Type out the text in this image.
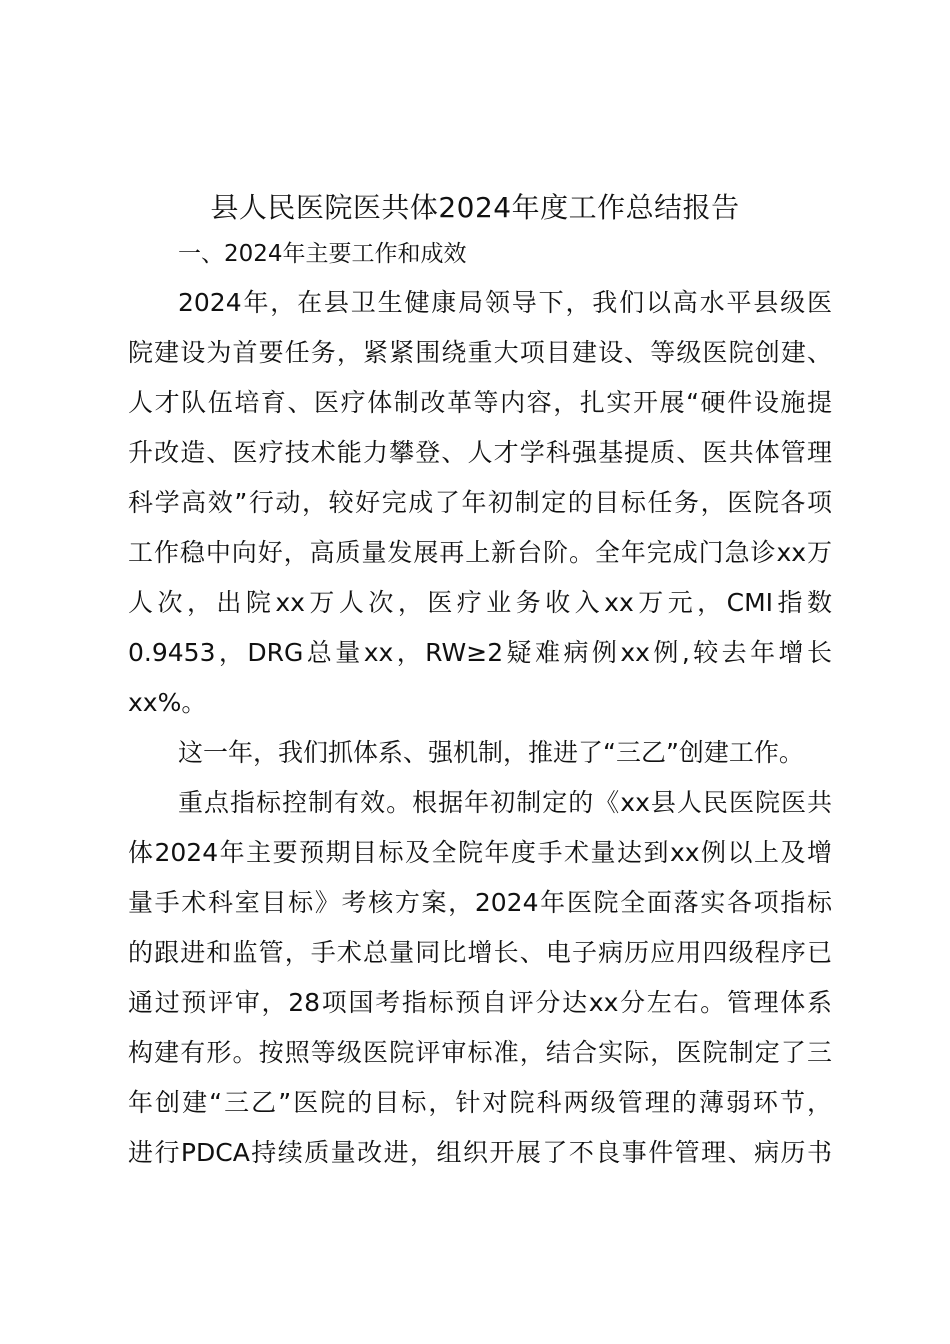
县人民医院医共体2024年度工作总结报告

一、2024年主要工作和成效

2024年，在县卫生健康局领导下，我们以高水平县级医

院建设为首要任务，紧紧围绕重大项目建设、等级医院创建、

人才队伍培育、医疗体制改革等内容，扎实开展“硬件设施提

升改造、医疗技术能力攀登、人才学科强基提质、医共体管理

科学高效”行动，较好完成了年初制定的目标任务，医院各项

工作稳中向好，高质量发展再上新台阶。全年完成门急诊xx万

人次，出院xx万人次，医疗业务收入xx万元，CMI指数

0.9453，DRG总量xx，RW≥2疑难病例xx例,较去年增长

xx%。

这一年，我们抓体系、强机制，推进了“三乙”创建工作。

重点指标控制有效。根据年初制定的《xx县人民医院医共

体2024年主要预期目标及全院年度手术量达到xx例以上及增

量手术科室目标》考核方案，2024年医院全面落实各项指标

的跟进和监管，手术总量同比增长、电子病历应用四级程序已

通过预评审，28项国考指标预自评分达xx分左右。管理体系

构建有形。按照等级医院评审标准，结合实际，医院制定了三

年创建“三乙”医院的目标，针对院科两级管理的薄弱环节，

进行PDCA持续质量改进，组织开展了不良事件管理、病历书
